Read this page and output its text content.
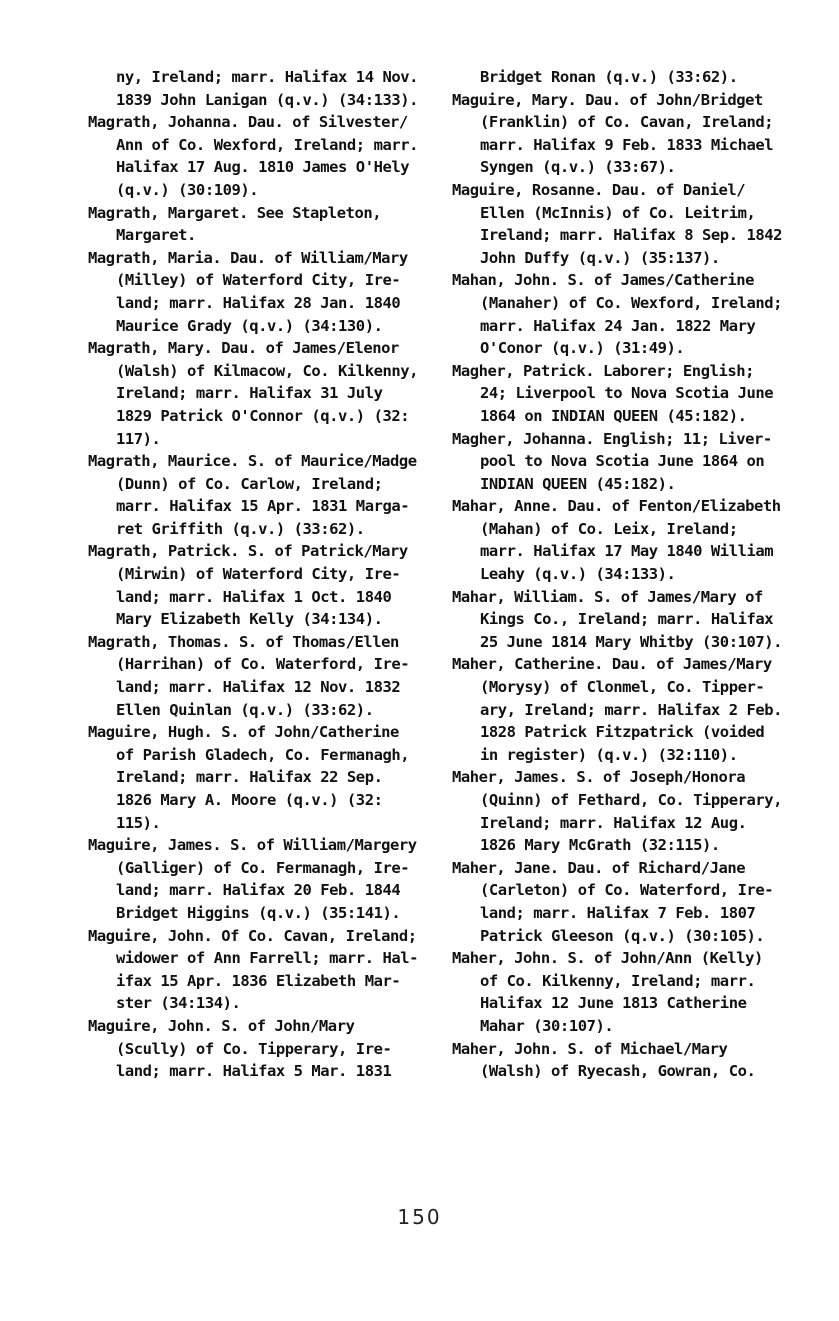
ny, Ireland; marr. Halifax 14 Nov.
1839 John Lanigan (q.v.) (34:133).
Magrath, Johanna. Dau. of Silvester/
Ann of Co. Wexford, Ireland; marr.
Halifax 17 Aug. 1810 James O'Hely
(q.v.) (30:109).
Magrath, Margaret. See Stapleton,
Margaret.
Magrath, Maria. Dau. of William/Mary
(Milley) of Waterford City, Ire-
land; marr. Halifax 28 Jan. 1840
Maurice Grady (q.v.) (34:130).
Magrath, Mary. Dau. of James/Elenor
(Walsh) of Kilmacow, Co. Kilkenny,
Ireland; marr. Halifax 31 July
1829 Patrick O'Connor (q.v.) (32:
117).
Magrath, Maurice. S. of Maurice/Madge
(Dunn) of Co. Carlow, Ireland;
marr. Halifax 15 Apr. 1831 Marga-
ret Griffith (q.v.) (33:62).
Magrath, Patrick. S. of Patrick/Mary
(Mirwin) of Waterford City, Ire-
land; marr. Halifax 1 Oct. 1840
Mary Elizabeth Kelly (34:134).
Magrath, Thomas. S. of Thomas/Ellen
(Harrihan) of Co. Waterford, Ire-
land; marr. Halifax 12 Nov. 1832
Ellen Quinlan (q.v.) (33:62).
Maguire, Hugh. S. of John/Catherine
of Parish Gladech, Co. Fermanagh,
Ireland; marr. Halifax 22 Sep.
1826 Mary A. Moore (q.v.) (32:
115).
Maguire, James. S. of William/Margery
(Galliger) of Co. Fermanagh, Ire-
land; marr. Halifax 20 Feb. 1844
Bridget Higgins (q.v.) (35:141).
Maguire, John. Of Co. Cavan, Ireland;
widower of Ann Farrell; marr. Hal-
ifax 15 Apr. 1836 Elizabeth Mar-
ster (34:134).
Maguire, John. S. of John/Mary
(Scully) of Co. Tipperary, Ire-
land; marr. Halifax 5 Mar. 1831
Bridget Ronan (q.v.) (33:62).
Maguire, Mary. Dau. of John/Bridget
(Franklin) of Co. Cavan, Ireland;
marr. Halifax 9 Feb. 1833 Michael
Syngen (q.v.) (33:67).
Maguire, Rosanne. Dau. of Daniel/
Ellen (McInnis) of Co. Leitrim,
Ireland; marr. Halifax 8 Sep. 1842
John Duffy (q.v.) (35:137).
Mahan, John. S. of James/Catherine
(Manaher) of Co. Wexford, Ireland;
marr. Halifax 24 Jan. 1822 Mary
O'Conor (q.v.) (31:49).
Magher, Patrick. Laborer; English;
24; Liverpool to Nova Scotia June
1864 on INDIAN QUEEN (45:182).
Magher, Johanna. English; 11; Liver-
pool to Nova Scotia June 1864 on
INDIAN QUEEN (45:182).
Mahar, Anne. Dau. of Fenton/Elizabeth
(Mahan) of Co. Leix, Ireland;
marr. Halifax 17 May 1840 William
Leahy (q.v.) (34:133).
Mahar, William. S. of James/Mary of
Kings Co., Ireland; marr. Halifax
25 June 1814 Mary Whitby (30:107).
Maher, Catherine. Dau. of James/Mary
(Morysy) of Clonmel, Co. Tipper-
ary, Ireland; marr. Halifax 2 Feb.
1828 Patrick Fitzpatrick (voided
in register) (q.v.) (32:110).
Maher, James. S. of Joseph/Honora
(Quinn) of Fethard, Co. Tipperary,
Ireland; marr. Halifax 12 Aug.
1826 Mary McGrath (32:115).
Maher, Jane. Dau. of Richard/Jane
(Carleton) of Co. Waterford, Ire-
land; marr. Halifax 7 Feb. 1807
Patrick Gleeson (q.v.) (30:105).
Maher, John. S. of John/Ann (Kelly)
of Co. Kilkenny, Ireland; marr.
Halifax 12 June 1813 Catherine
Mahar (30:107).
Maher, John. S. of Michael/Mary
(Walsh) of Ryecash, Gowran, Co.
150
